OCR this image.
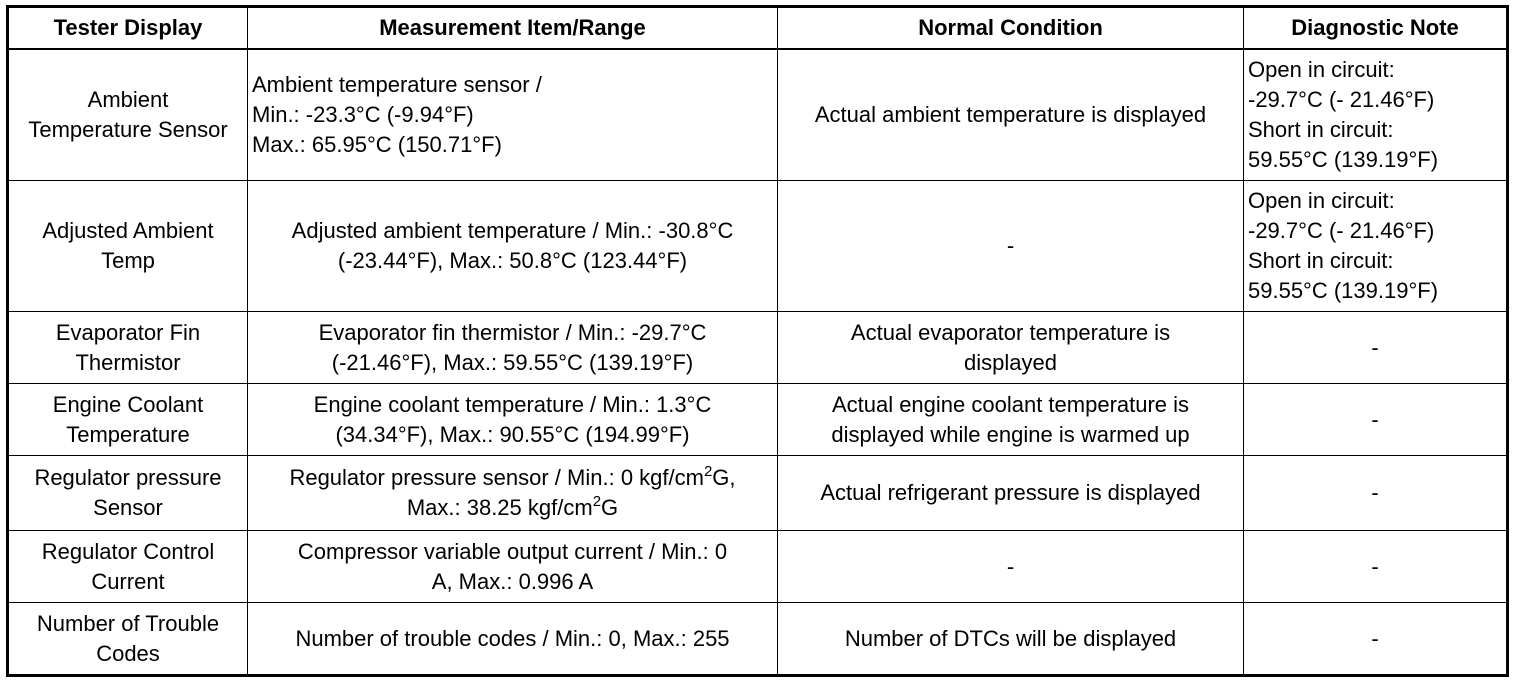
Tester Display	Measurement Item/Range	Normal Condition	Diagnostic Note

Ambient
Temperature Sensor	Ambient temperature sensor /
Min.: -23.3°C (-9.94°F)
Max.: 65.95°C (150.71°F)	Actual ambient temperature is displayed	Open in circuit:
-29.7°C (- 21.46°F)
Short in circuit:
59.55°C (139.19°F)

Adjusted Ambient
Temp	Adjusted ambient temperature / Min.: -30.8°C
(-23.44°F), Max.: 50.8°C (123.44°F)	-	Open in circuit:
-29.7°C (- 21.46°F)
Short in circuit:
59.55°C (139.19°F)

Evaporator Fin
Thermistor	Evaporator fin thermistor / Min.: -29.7°C
(-21.46°F), Max.: 59.55°C (139.19°F)	Actual evaporator temperature is
displayed	-

Engine Coolant
Temperature	Engine coolant temperature / Min.: 1.3°C
(34.34°F), Max.: 90.55°C (194.99°F)	Actual engine coolant temperature is
displayed while engine is warmed up	-

Regulator pressure
Sensor	Regulator pressure sensor / Min.: 0 kgf/$cm^2G$,
Max.: 38.25 kgf/$cm^2G$	Actual refrigerant pressure is displayed	-

Regulator Control
Current	Compressor variable output current / Min.: 0
A, Max.: 0.996 A	-	-

Number of Trouble
Codes	Number of trouble codes / Min.: 0, Max.: 255	Number of DTCs will be displayed	-
